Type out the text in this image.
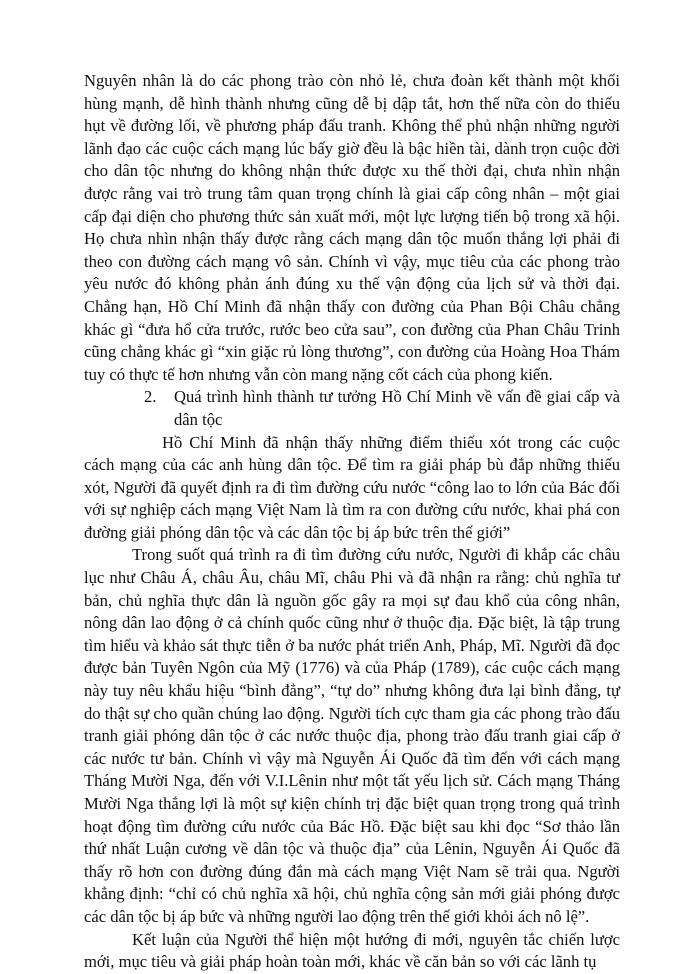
Nguyên nhân là do các phong trào còn nhỏ lẻ, chưa đoàn kết thành một khối hùng mạnh, dễ hình thành nhưng cũng dễ bị dập tắt, hơn thế nữa còn do thiếu hụt về đường lối, về phương pháp đấu tranh. Không thể phủ nhận những người lãnh đạo các cuộc cách mạng lúc bấy giờ đều là bậc hiền tài, dành trọn cuộc đời cho dân tộc nhưng do không nhận thức được xu thế thời đại, chưa nhìn nhận được rằng vai trò trung tâm quan trọng chính là giai cấp công nhân – một giai cấp đại diện cho phương thức sản xuất mới, một lực lượng tiến bộ trong xã hội. Họ chưa nhìn nhận thấy được rằng cách mạng dân tộc muốn thắng lợi phải đi theo con đường cách mạng vô sản. Chính vì vậy, mục tiêu của các phong trào yêu nước đó không phản ánh đúng xu thế vận động của lịch sử và thời đại. Chẳng hạn, Hồ Chí Minh đã nhận thấy con đường của Phan Bội Châu chẳng khác gì “đưa hổ cửa trước, rước beo cửa sau”, con đường của Phan Châu Trinh cũng chẳng khác gì “xin giặc rủ lòng thương”, con đường của Hoàng Hoa Thám tuy có thực tế hơn nhưng vẫn còn mang nặng cốt cách của phong kiến.

2.	Quá trình hình thành tư tưởng Hồ Chí Minh về vấn đề giai cấp và dân tộc

Hồ Chí Minh đã nhận thấy những điểm thiếu xót trong các cuộc cách mạng của các anh hùng dân tộc. Để tìm ra giải pháp bù đắp những thiếu xót, Người đã quyết định ra đi tìm đường cứu nước “công lao to lớn của Bác đối với sự nghiệp cách mạng Việt Nam là tìm ra con đường cứu nước, khai phá con đường giải phóng dân tộc và các dân tộc bị áp bức trên thế giới”

Trong suốt quá trình ra đi tìm đường cứu nước, Người đi khắp các châu lục như Châu Á, châu Âu, châu Mĩ, châu Phi và đã nhận ra rằng: chủ nghĩa tư bản, chủ nghĩa thực dân là nguồn gốc gây ra mọi sự đau khổ của công nhân, nông dân lao động ở cả chính quốc cũng như ở thuộc địa. Đặc biệt, là tập trung tìm hiểu và khảo sát thực tiễn ở ba nước phát triển Anh, Pháp, Mĩ. Người đã đọc được bản Tuyên Ngôn của Mỹ (1776) và của Pháp (1789), các cuộc cách mạng này tuy nêu khẩu hiệu “bình đẳng”, “tự do” nhưng không đưa lại bình đẳng, tự do thật sự cho quần chúng lao động. Người tích cực tham gia các phong trào đấu tranh giải phóng dân tộc ở các nước thuộc địa, phong trào đấu tranh giai cấp ở các nước tư bản. Chính vì vậy mà Nguyễn Ái Quốc đã tìm đến với cách mạng Tháng Mười Nga, đến với V.I.Lênin như một tất yếu lịch sử. Cách mạng Tháng Mười Nga thắng lợi là một sự kiện chính trị đặc biệt quan trọng trong quá trình hoạt động tìm đường cứu nước của Bác Hồ. Đặc biệt sau khi đọc “Sơ thảo lần thứ nhất Luận cương về dân tộc và thuộc địa” của Lênin, Nguyễn Ái Quốc đã thấy rõ hơn con đường đúng đắn mà cách mạng Việt Nam sẽ trải qua. Người khẳng định: “chỉ có chủ nghĩa xã hội, chủ nghĩa cộng sản mới giải phóng được các dân tộc bị áp bức và những người lao động trên thế giới khỏi ách nô lệ”.

Kết luận của Người thể hiện một hướng đi mới, nguyên tắc chiến lược mới, mục tiêu và giải pháp hoàn toàn mới, khác về căn bản so với các lãnh tụ
